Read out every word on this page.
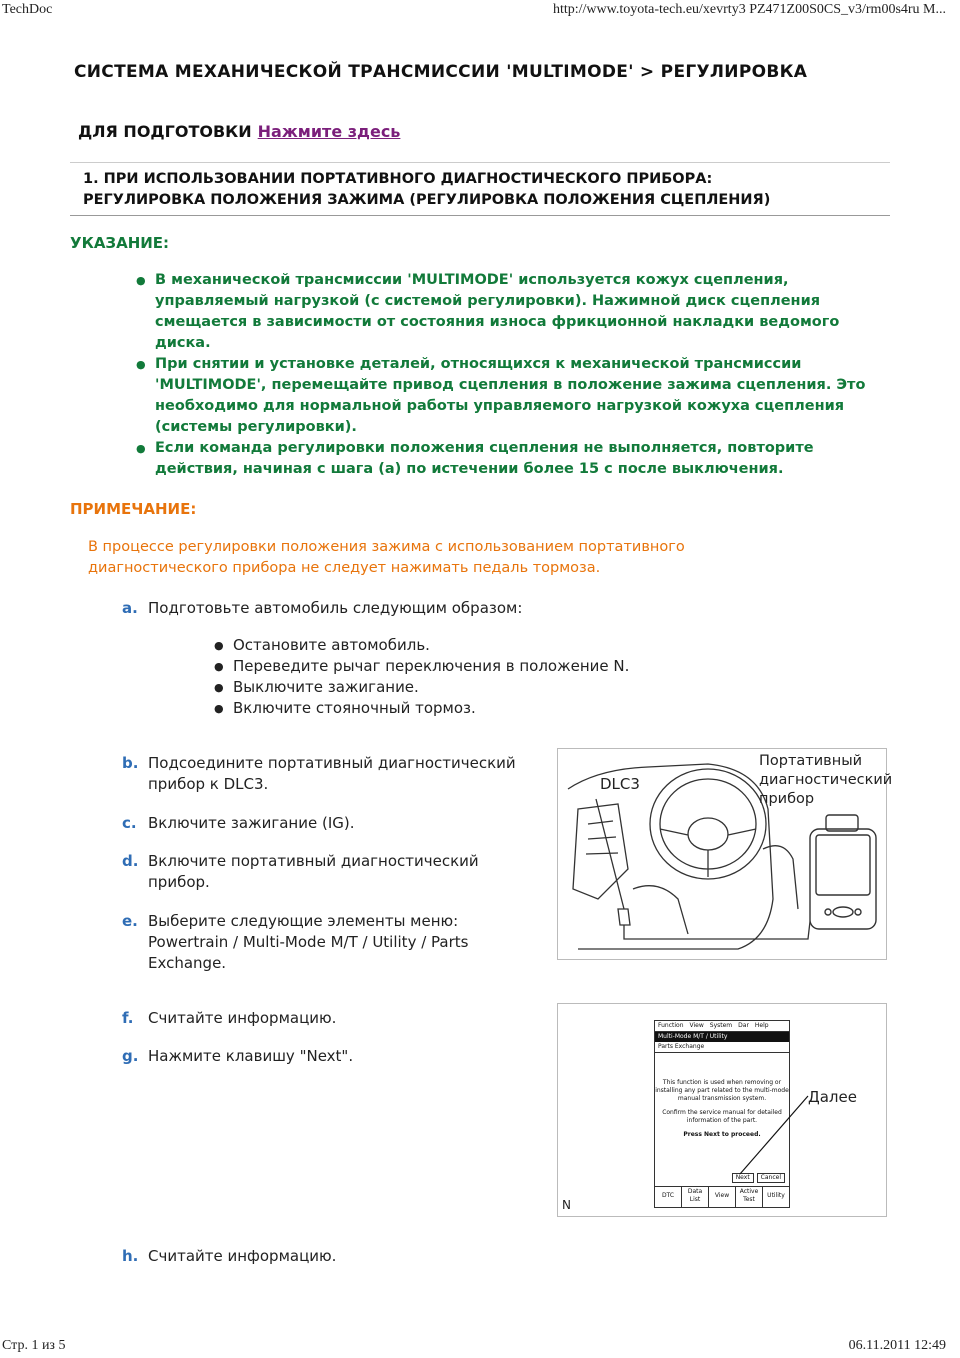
TechDoc	http://www.toyota-tech.eu/xevrty3 PZ471Z00S0CS_v3/rm00s4ru M...
СИСТЕМА МЕХАНИЧЕСКОЙ ТРАНСМИССИИ 'MULTIMODE' > РЕГУЛИРОВКА
ДЛЯ ПОДГОТОВКИ Нажмите здесь
1. ПРИ ИСПОЛЬЗОВАНИИ ПОРТАТИВНОГО ДИАГНОСТИЧЕСКОГО ПРИБОРА:
РЕГУЛИРОВКА ПОЛОЖЕНИЯ ЗАЖИМА (РЕГУЛИРОВКА ПОЛОЖЕНИЯ СЦЕПЛЕНИЯ)
УКАЗАНИЕ:
● В механической трансмиссии 'MULTIMODE' используется кожух сцепления, управляемый нагрузкой (с системой регулировки). Нажимной диск сцепления смещается в зависимости от состояния износа фрикционной накладки ведомого диска.
● При снятии и установке деталей, относящихся к механической трансмиссии 'MULTIMODE', перемещайте привод сцепления в положение зажима сцепления. Это необходимо для нормальной работы управляемого нагрузкой кожуха сцепления (системы регулировки).
● Если команда регулировки положения сцепления не выполняется, повторите действия, начиная с шага (a) по истечении более 15 с после выключения.
ПРИМЕЧАНИЕ:
В процессе регулировки положения зажима с использованием портативного диагностического прибора не следует нажимать педаль тормоза.
a. Подготовьте автомобиль следующим образом:
● Остановите автомобиль.
● Переведите рычаг переключения в положение N.
● Выключите зажигание.
● Включите стояночный тормоз.
b. Подсоедините портативный диагностический
прибор к DLC3.
c. Включите зажигание (IG).
d. Включите портативный диагностический
прибор.
e. Выберите следующие элементы меню:
Powertrain / Multi-Mode M/T / Utility / Parts
Exchange.
f. Считайте информацию.
g. Нажмите клавишу "Next".
h. Считайте информацию.
DLC3
Портативный
диагностический
прибор
Function View System Dar Help
Multi-Mode M/T / Utility
Parts Exchange
This function is used when removing or
installing any part related to the multi-mode
manual transmission system.
Confirm the service manual for detailed
information of the part.
Press Next to proceed.
Next	Cancel
DTC
Data List
View
Active Test
Utility
Далее
N
Стр. 1 из 5	06.11.2011 12:49
